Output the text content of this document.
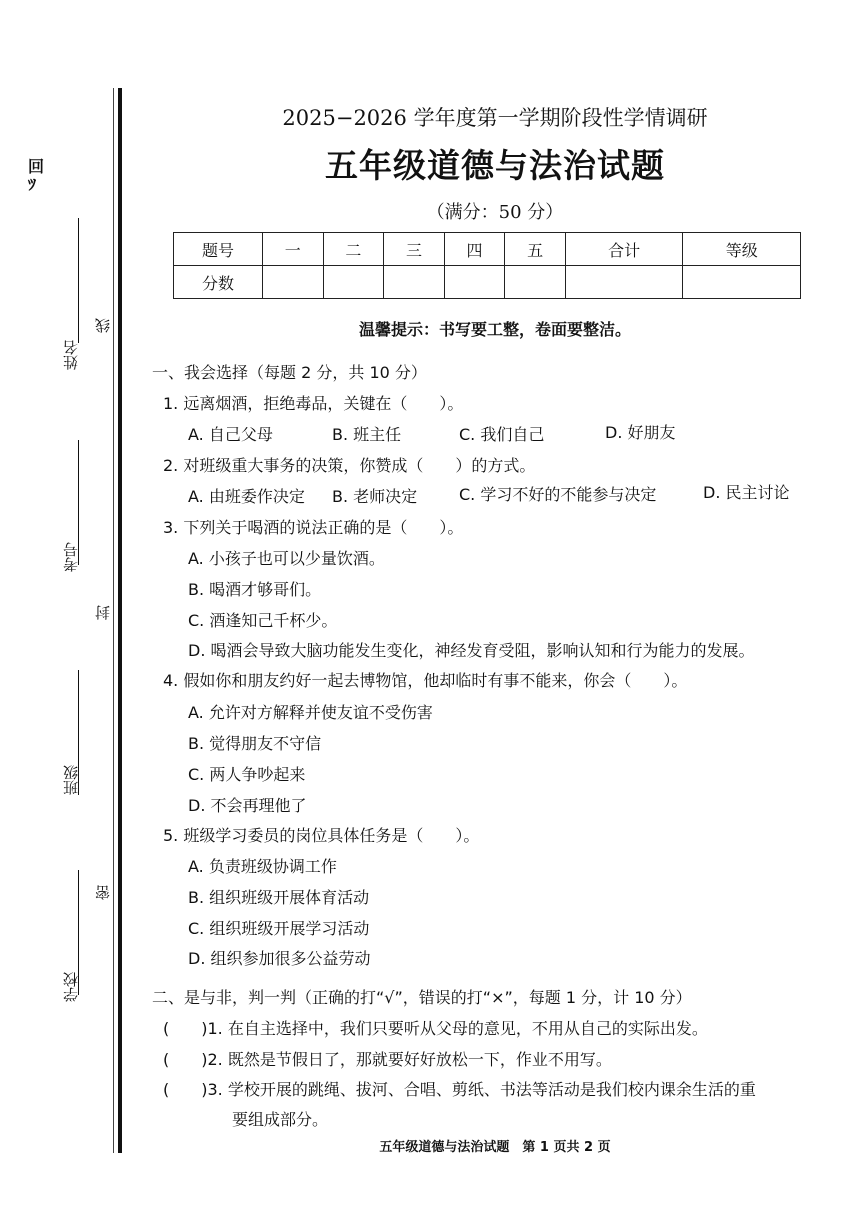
回
ﾂ
姓名
线
考号
封
班级
密
学校
2025−2026 学年度第一学期阶段性学情调研
五年级道德与法治试题
（满分：50 分）
题号	一	二	三	四	五	合计	等级
分数							
温馨提示：书写要工整，卷面要整洁。
一、我会选择（每题 2 分，共 10 分）
1. 远离烟酒，拒绝毒品，关键在（　　）。
A. 自己父母	B. 班主任	C. 我们自己	D. 好朋友
2. 对班级重大事务的决策，你赞成（　　）的方式。
A. 由班委作决定 B. 老师决定	C. 学习不好的不能参与决定	D. 民主讨论
3. 下列关于喝酒的说法正确的是（　　）。
A. 小孩子也可以少量饮酒。
B. 喝酒才够哥们。
C. 酒逢知己千杯少。
D. 喝酒会导致大脑功能发生变化，神经发育受阻，影响认知和行为能力的发展。
4. 假如你和朋友约好一起去博物馆，他却临时有事不能来，你会（　　）。
A. 允许对方解释并使友谊不受伤害
B. 觉得朋友不守信
C. 两人争吵起来
D. 不会再理他了
5. 班级学习委员的岗位具体任务是（　　）。
A. 负责班级协调工作
B. 组织班级开展体育活动
C. 组织班级开展学习活动
D. 组织参加很多公益劳动
二、是与非，判一判（正确的打“√”，错误的打“×”，每题 1 分，计 10 分）
(　　)1. 在自主选择中，我们只要听从父母的意见，不用从自己的实际出发。
(　　)2. 既然是节假日了，那就要好好放松一下，作业不用写。
(　　)3. 学校开展的跳绳、拔河、合唱、剪纸、书法等活动是我们校内课余生活的重
要组成部分。
五年级道德与法治试题　第 1 页共 2 页
